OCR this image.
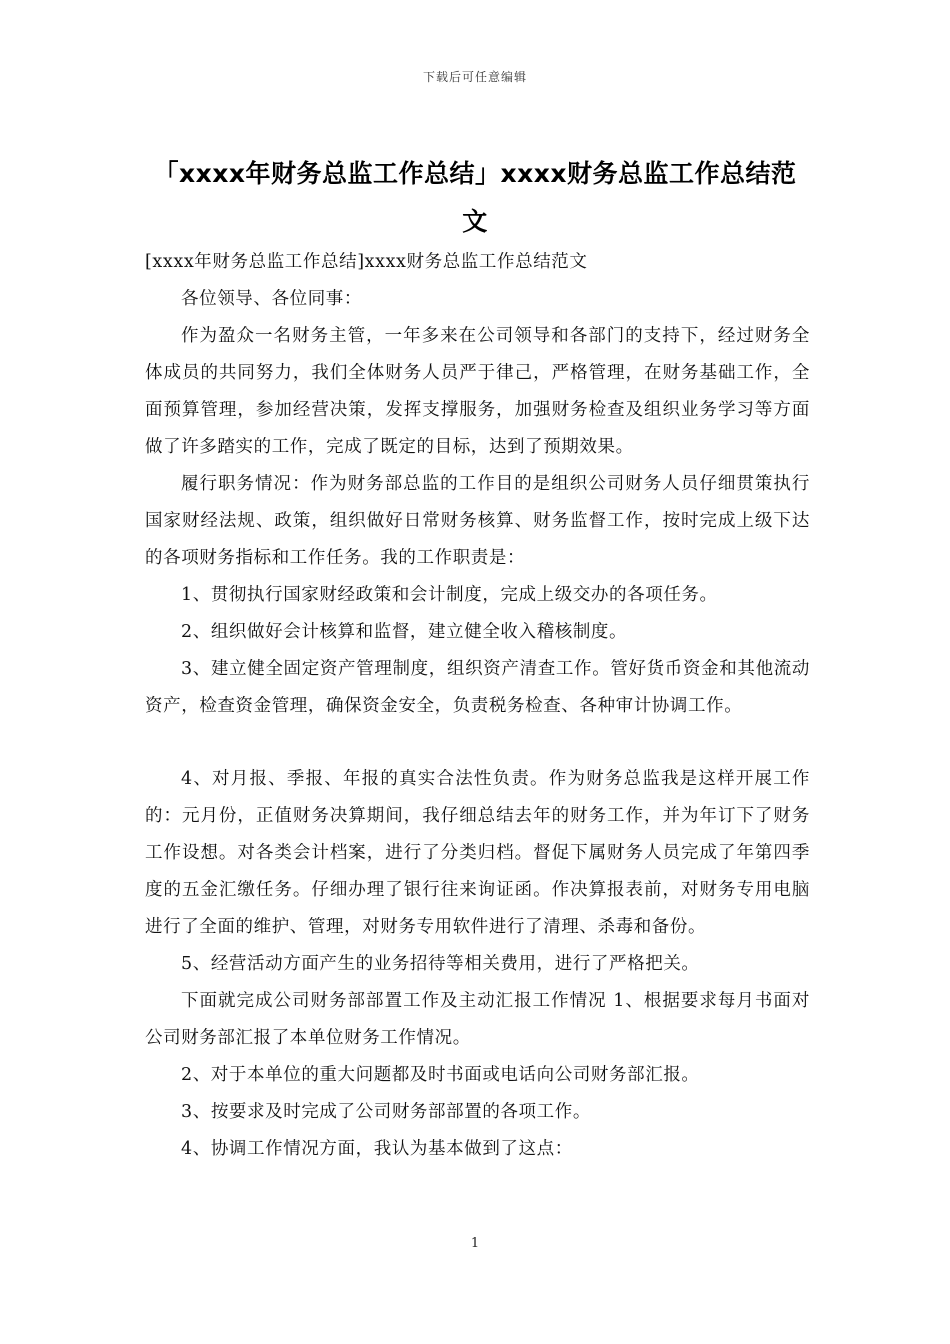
下载后可任意编辑
「xxxx年财务总监工作总结」xxxx财务总监工作总结范文

[xxxx年财务总监工作总结]xxxx财务总监工作总结范文

各位领导、各位同事：

作为盈众一名财务主管，一年多来在公司领导和各部门的支持下，经过财务全体成员的共同努力，我们全体财务人员严于律己，严格管理，在财务基础工作，全面预算管理，参加经营决策，发挥支撑服务，加强财务检查及组织业务学习等方面做了许多踏实的工作，完成了既定的目标，达到了预期效果。

履行职务情况：作为财务部总监的工作目的是组织公司财务人员仔细贯策执行国家财经法规、政策，组织做好日常财务核算、财务监督工作，按时完成上级下达的各项财务指标和工作任务。我的工作职责是：

1、贯彻执行国家财经政策和会计制度，完成上级交办的各项任务。

2、组织做好会计核算和监督，建立健全收入稽核制度。

3、建立健全固定资产管理制度，组织资产清查工作。管好货币资金和其他流动资产，检查资金管理，确保资金安全，负责税务检查、各种审计协调工作。

4、对月报、季报、年报的真实合法性负责。作为财务总监我是这样开展工作的：元月份，正值财务决算期间，我仔细总结去年的财务工作，并为年订下了财务工作设想。对各类会计档案，进行了分类归档。督促下属财务人员完成了年第四季度的五金汇缴任务。仔细办理了银行往来询证函。作决算报表前，对财务专用电脑进行了全面的维护、管理，对财务专用软件进行了清理、杀毒和备份。

5、经营活动方面产生的业务招待等相关费用，进行了严格把关。

下面就完成公司财务部部置工作及主动汇报工作情况 1、根据要求每月书面对公司财务部汇报了本单位财务工作情况。

2、对于本单位的重大问题都及时书面或电话向公司财务部汇报。

3、按要求及时完成了公司财务部部置的各项工作。

4、协调工作情况方面，我认为基本做到了这点：

1
